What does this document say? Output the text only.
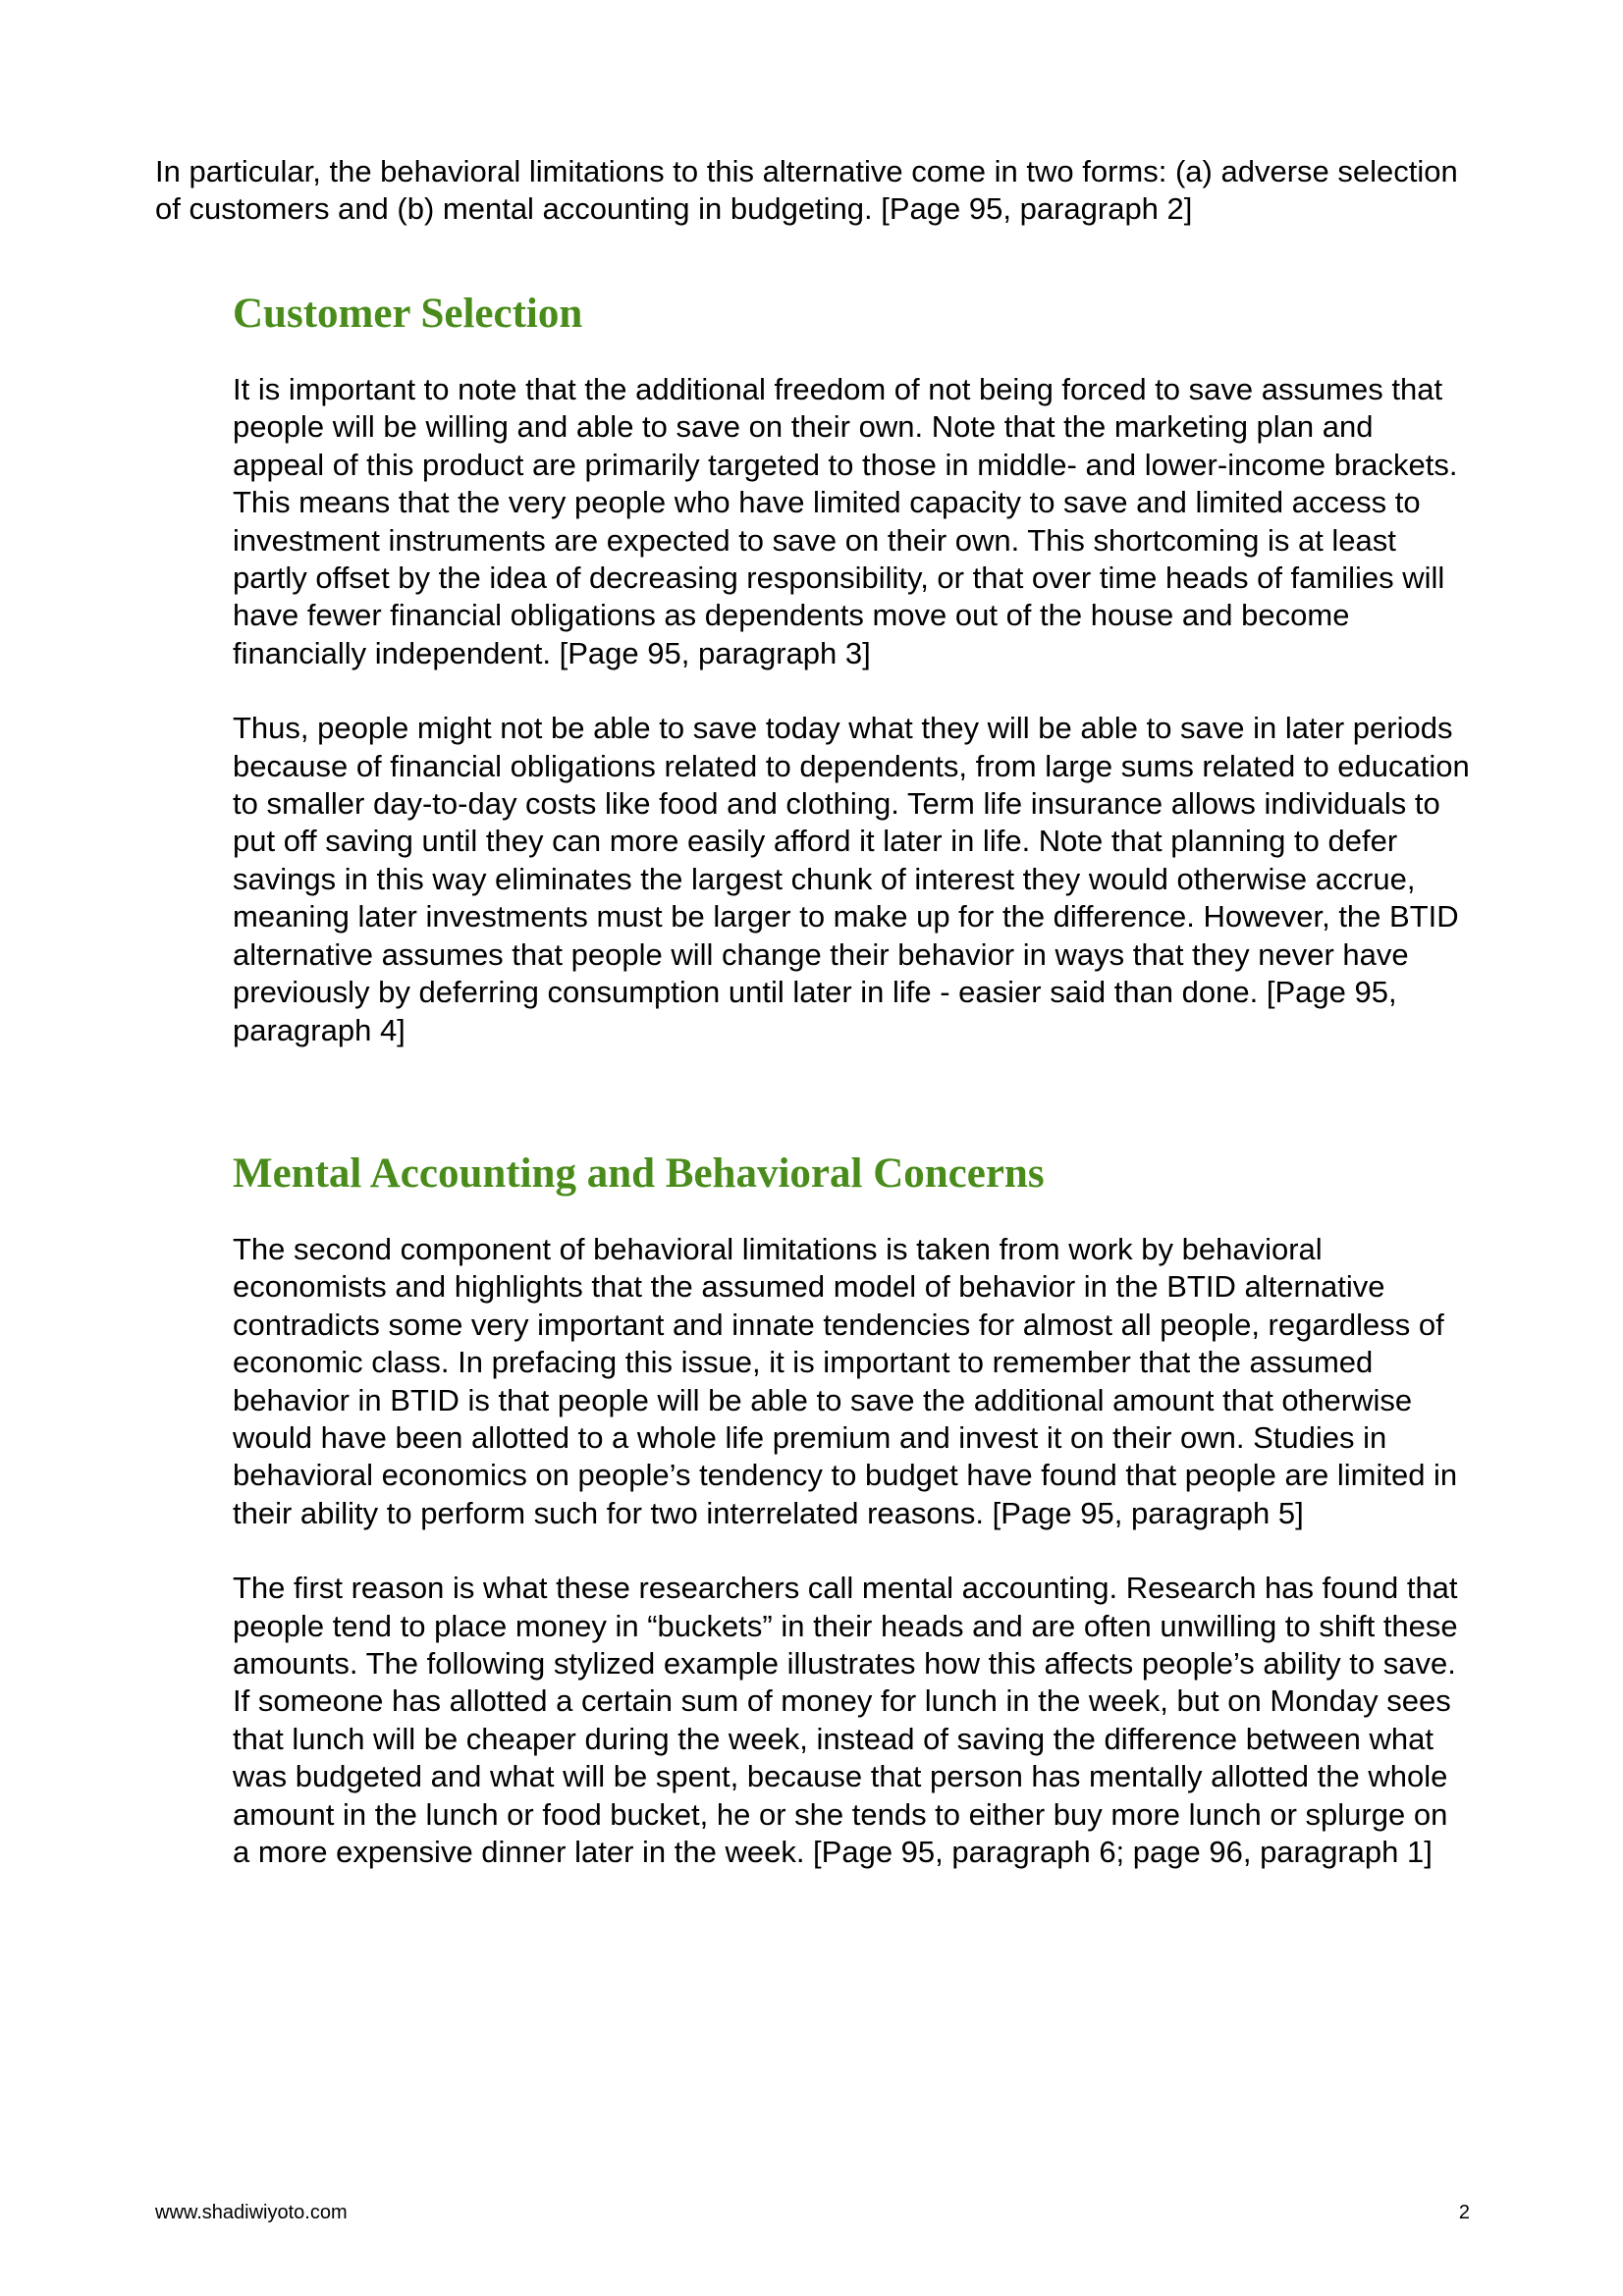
In particular, the behavioral limitations to this alternative come in two forms: (a) adverse selection of customers and (b) mental accounting in budgeting. [Page 95, paragraph 2]

Customer Selection

It is important to note that the additional freedom of not being forced to save assumes that people will be willing and able to save on their own. Note that the marketing plan and appeal of this product are primarily targeted to those in middle- and lower-income brackets. This means that the very people who have limited capacity to save and limited access to investment instruments are expected to save on their own. This shortcoming is at least partly offset by the idea of decreasing responsibility, or that over time heads of families will have fewer financial obligations as dependents move out of the house and become financially independent. [Page 95, paragraph 3]

Thus, people might not be able to save today what they will be able to save in later periods because of financial obligations related to dependents, from large sums related to education to smaller day-to-day costs like food and clothing. Term life insurance allows individuals to put off saving until they can more easily afford it later in life. Note that planning to defer savings in this way eliminates the largest chunk of interest they would otherwise accrue, meaning later investments must be larger to make up for the difference. However, the BTID alternative assumes that people will change their behavior in ways that they never have previously by deferring consumption until later in life - easier said than done. [Page 95, paragraph 4]

Mental Accounting and Behavioral Concerns

The second component of behavioral limitations is taken from work by behavioral economists and highlights that the assumed model of behavior in the BTID alternative contradicts some very important and innate tendencies for almost all people, regardless of economic class. In prefacing this issue, it is important to remember that the assumed behavior in BTID is that people will be able to save the additional amount that otherwise would have been allotted to a whole life premium and invest it on their own. Studies in behavioral economics on people’s tendency to budget have found that people are limited in their ability to perform such for two interrelated reasons. [Page 95, paragraph 5]

The first reason is what these researchers call mental accounting. Research has found that people tend to place money in “buckets” in their heads and are often unwilling to shift these amounts. The following stylized example illustrates how this affects people’s ability to save. If someone has allotted a certain sum of money for lunch in the week, but on Monday sees that lunch will be cheaper during the week, instead of saving the difference between what was budgeted and what will be spent, because that person has mentally allotted the whole amount in the lunch or food bucket, he or she tends to either buy more lunch or splurge on a more expensive dinner later in the week. [Page 95, paragraph 6; page 96, paragraph 1]

www.shadiwiyoto.com	2
